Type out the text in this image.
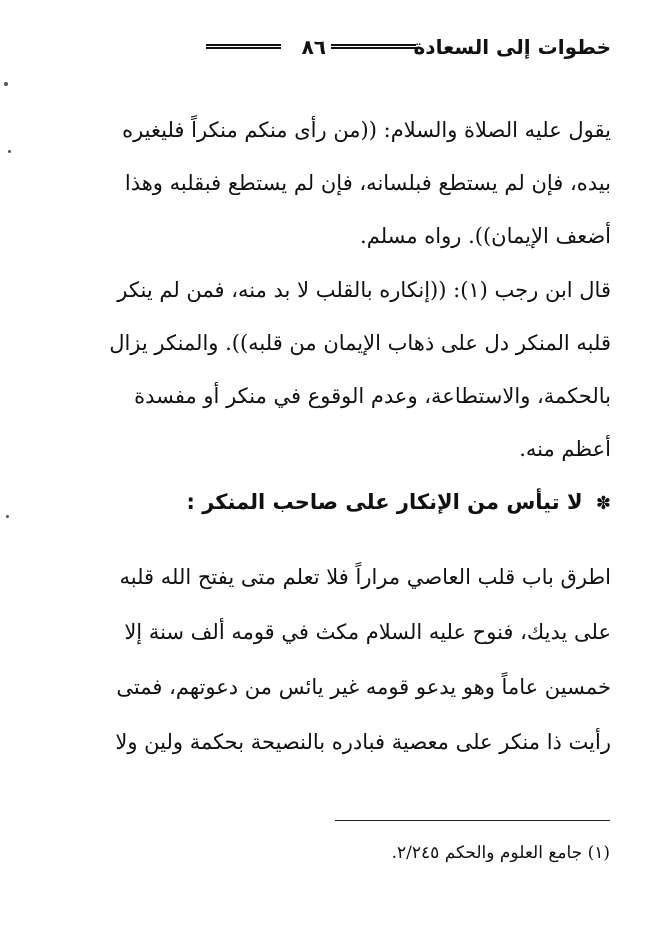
خطوات إلى السعادة
٨٦
يقول عليه الصلاة والسلام: ((من رأى منكم منكراً فليغيره
بيده، فإن لم يستطع فبلسانه، فإن لم يستطع فبقلبه وهذا
أضعف الإيمان)). رواه مسلم.
قال ابن رجب (١): ((إنكاره بالقلب لا بد منه، فمن لم ينكر
قلبه المنكر دل على ذهاب الإيمان من قلبه)). والمنكر يزال
بالحكمة، والاستطاعة، وعدم الوقوع في منكر أو مفسدة
أعظم منه.
✽ لا تيأس من الإنكار على صاحب المنكر :
اطرق باب قلب العاصي مراراً فلا تعلم متى يفتح الله قلبه
على يديك، فنوح عليه السلام مكث في قومه ألف سنة إلا
خمسين عاماً وهو يدعو قومه غير يائس من دعوتهم، فمتى
رأيت ذا منكر على معصية فبادره بالنصيحة بحكمة ولين ولا
(١) جامع العلوم والحكم ٢/٢٤٥.
